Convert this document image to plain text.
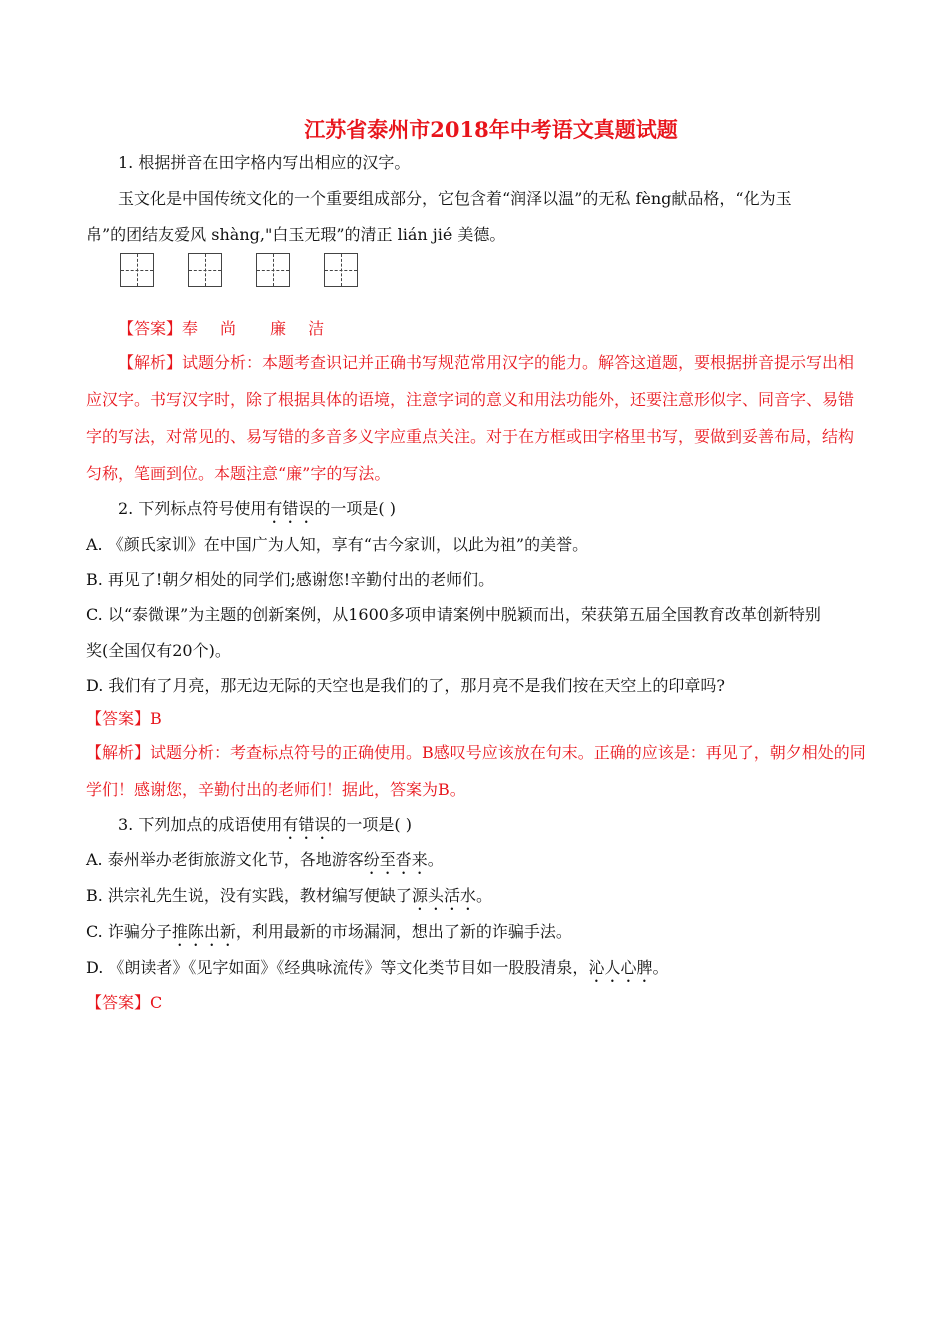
江苏省泰州市2018年中考语文真题试题
1. 根据拼音在田字格内写出相应的汉字。
玉文化是中国传统文化的一个重要组成部分，它包含着“润泽以温”的无私 fèng献品格，“化为玉
帛”的团结友爱风 shàng,"白玉无瑕”的清正 lián jié 美德。
【答案】奉 尚 廉 洁
【解析】试题分析：本题考查识记并正确书写规范常用汉字的能力。解答这道题，要根据拼音提示写出相
应汉字。书写汉字时，除了根据具体的语境，注意字词的意义和用法功能外，还要注意形似字、同音字、易错
字的写法，对常见的、易写错的多音多义字应重点关注。对于在方框或田字格里书写，要做到妥善布局，结构
匀称，笔画到位。本题注意“廉”字的写法。
2. 下列标点符号使用有错误的一项是( )
A. 《颜氏家训》在中国广为人知，享有“古今家训，以此为祖”的美誉。
B. 再见了!朝夕相处的同学们;感谢您!辛勤付出的老师们。
C. 以“泰微课”为主题的创新案例，从1600多项申请案例中脱颖而出，荣获第五届全国教育改革创新特别
奖(全国仅有20个)。
D. 我们有了月亮，那无边无际的天空也是我们的了，那月亮不是我们按在天空上的印章吗?
【答案】B
【解析】试题分析：考查标点符号的正确使用。B感叹号应该放在句末。正确的应该是：再见了，朝夕相处的同
学们！感谢您，辛勤付出的老师们！据此，答案为B。
3. 下列加点的成语使用有错误的一项是( )
A. 泰州举办老街旅游文化节，各地游客纷至沓来。
B. 洪宗礼先生说，没有实践，教材编写便缺了源头活水。
C. 诈骗分子推陈出新，利用最新的市场漏洞，想出了新的诈骗手法。
D. 《朗读者》《见字如面》《经典咏流传》等文化类节目如一股股清泉，沁人心脾。
【答案】C
